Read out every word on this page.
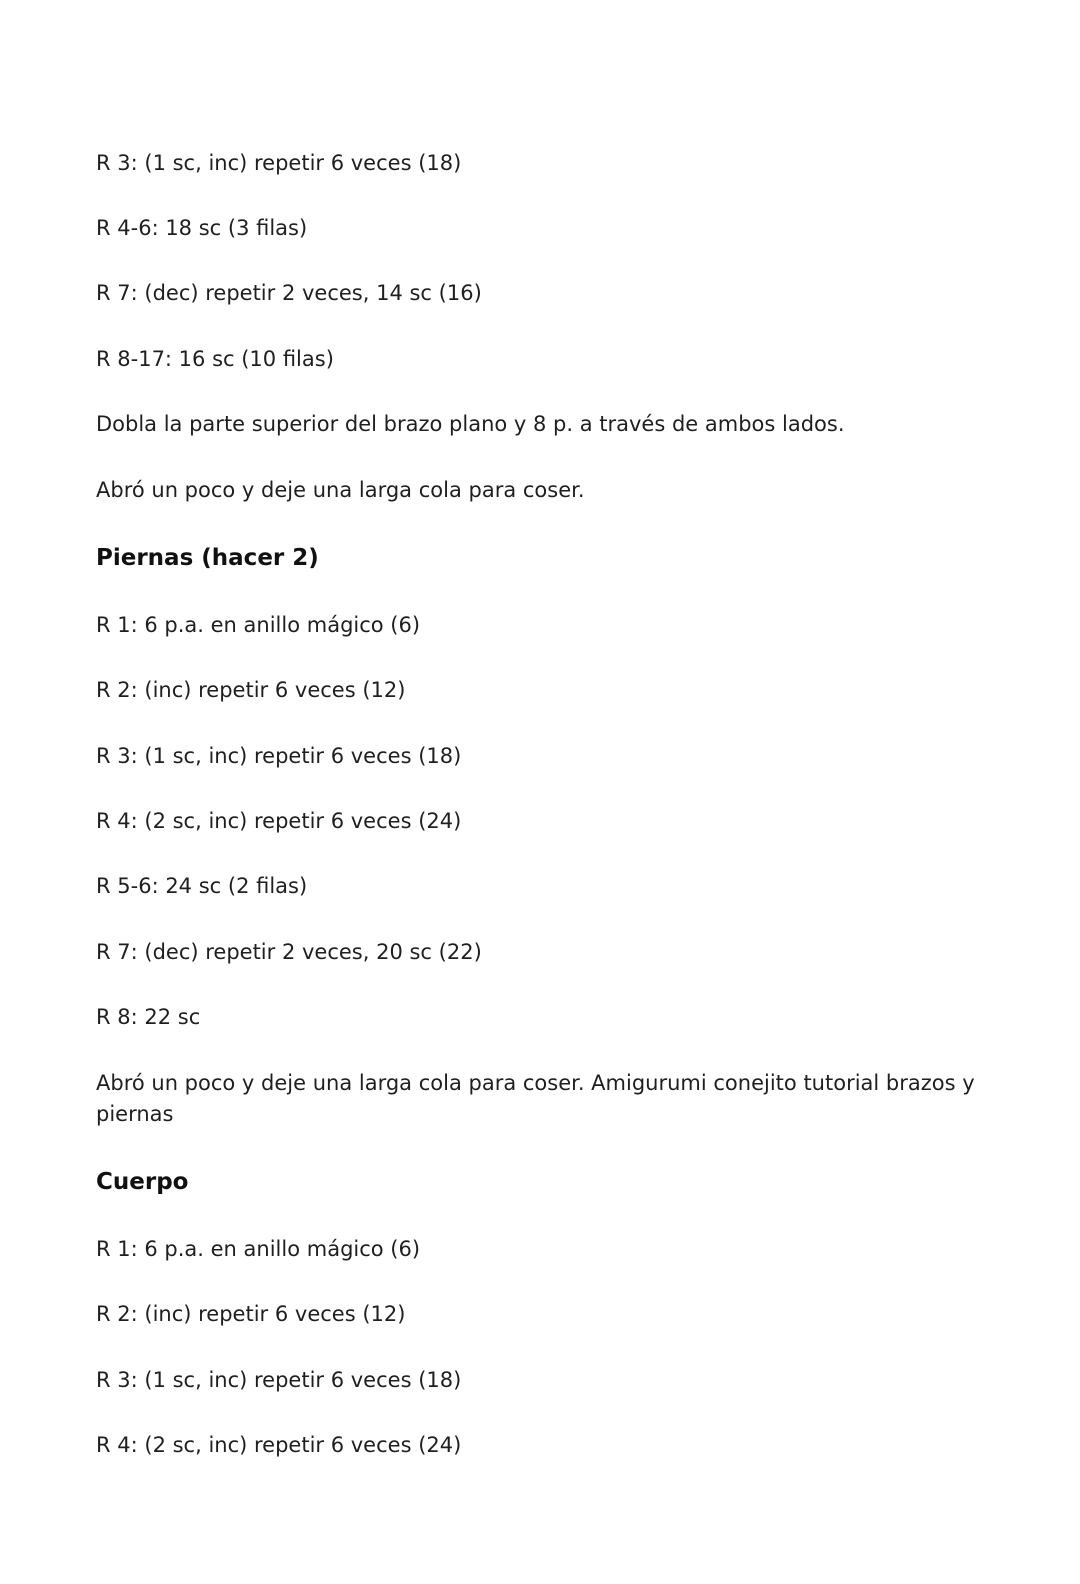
R 3: (1 sc, inc) repetir 6 veces (18)
R 4-6: 18 sc (3 filas)
R 7: (dec) repetir 2 veces, 14 sc (16)
R 8-17: 16 sc (10 filas)
Dobla la parte superior del brazo plano y 8 p. a través de ambos lados.
Abró un poco y deje una larga cola para coser.
Piernas (hacer 2)
R 1: 6 p.a. en anillo mágico (6)
R 2: (inc) repetir 6 veces (12)
R 3: (1 sc, inc) repetir 6 veces (18)
R 4: (2 sc, inc) repetir 6 veces (24)
R 5-6: 24 sc (2 filas)
R 7: (dec) repetir 2 veces, 20 sc (22)
R 8: 22 sc
Abró un poco y deje una larga cola para coser. Amigurumi conejito tutorial brazos y piernas
Cuerpo
R 1: 6 p.a. en anillo mágico (6)
R 2: (inc) repetir 6 veces (12)
R 3: (1 sc, inc) repetir 6 veces (18)
R 4: (2 sc, inc) repetir 6 veces (24)
